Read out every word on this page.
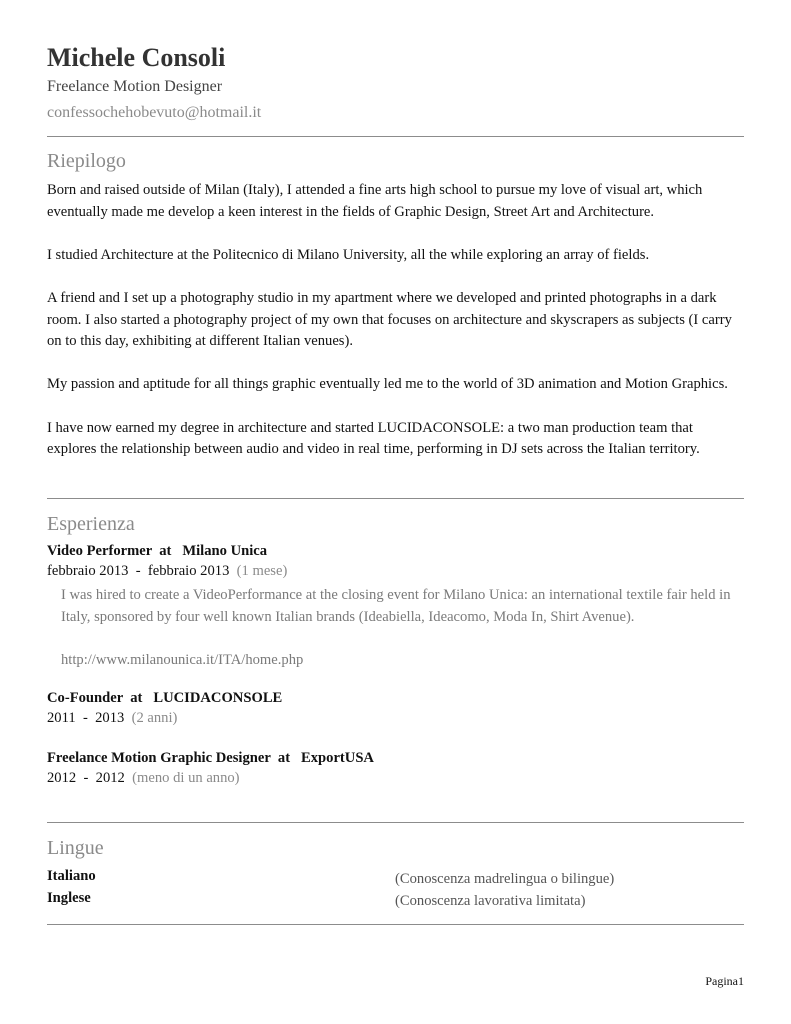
Michele Consoli
Freelance Motion Designer
confessochehobevuto@hotmail.it
Riepilogo

Born and raised outside of Milan (Italy), I attended a fine arts high school to pursue my love of visual art, which eventually made me develop a keen interest in the fields of Graphic Design, Street Art and Architecture.

I studied Architecture at the Politecnico di Milano University, all the while exploring an array of fields.

A friend and I set up a photography studio in my apartment where we developed and printed photographs in a dark room. I also started a photography project of my own that focuses on architecture and skyscrapers as subjects (I carry on to this day, exhibiting at different Italian venues).

My passion and aptitude for all things graphic eventually led me to the world of 3D animation and Motion Graphics.

I have now earned my degree in architecture and started LUCIDACONSOLE: a two man production team that explores the relationship between audio and video in real time, performing in DJ sets across the Italian territory.

Esperienza
Video Performer  at   Milano Unica
febbraio 2013  -  febbraio 2013 (1 mese)

I was hired to create a VideoPerformance at the closing event for Milano Unica: an international textile fair held in Italy, sponsored by four well known Italian brands (Ideabiella, Ideacomo, Moda In, Shirt Avenue).

http://www.milanounica.it/ITA/home.php

Co-Founder  at   LUCIDACONSOLE
2011  -  2013 (2 anni)
Freelance Motion Graphic Designer  at   ExportUSA
2012  -  2012 (meno di un anno)
Lingue
Italiano	(Conoscenza madrelingua o bilingue)
Inglese	(Conoscenza lavorativa limitata)
Pagina1
